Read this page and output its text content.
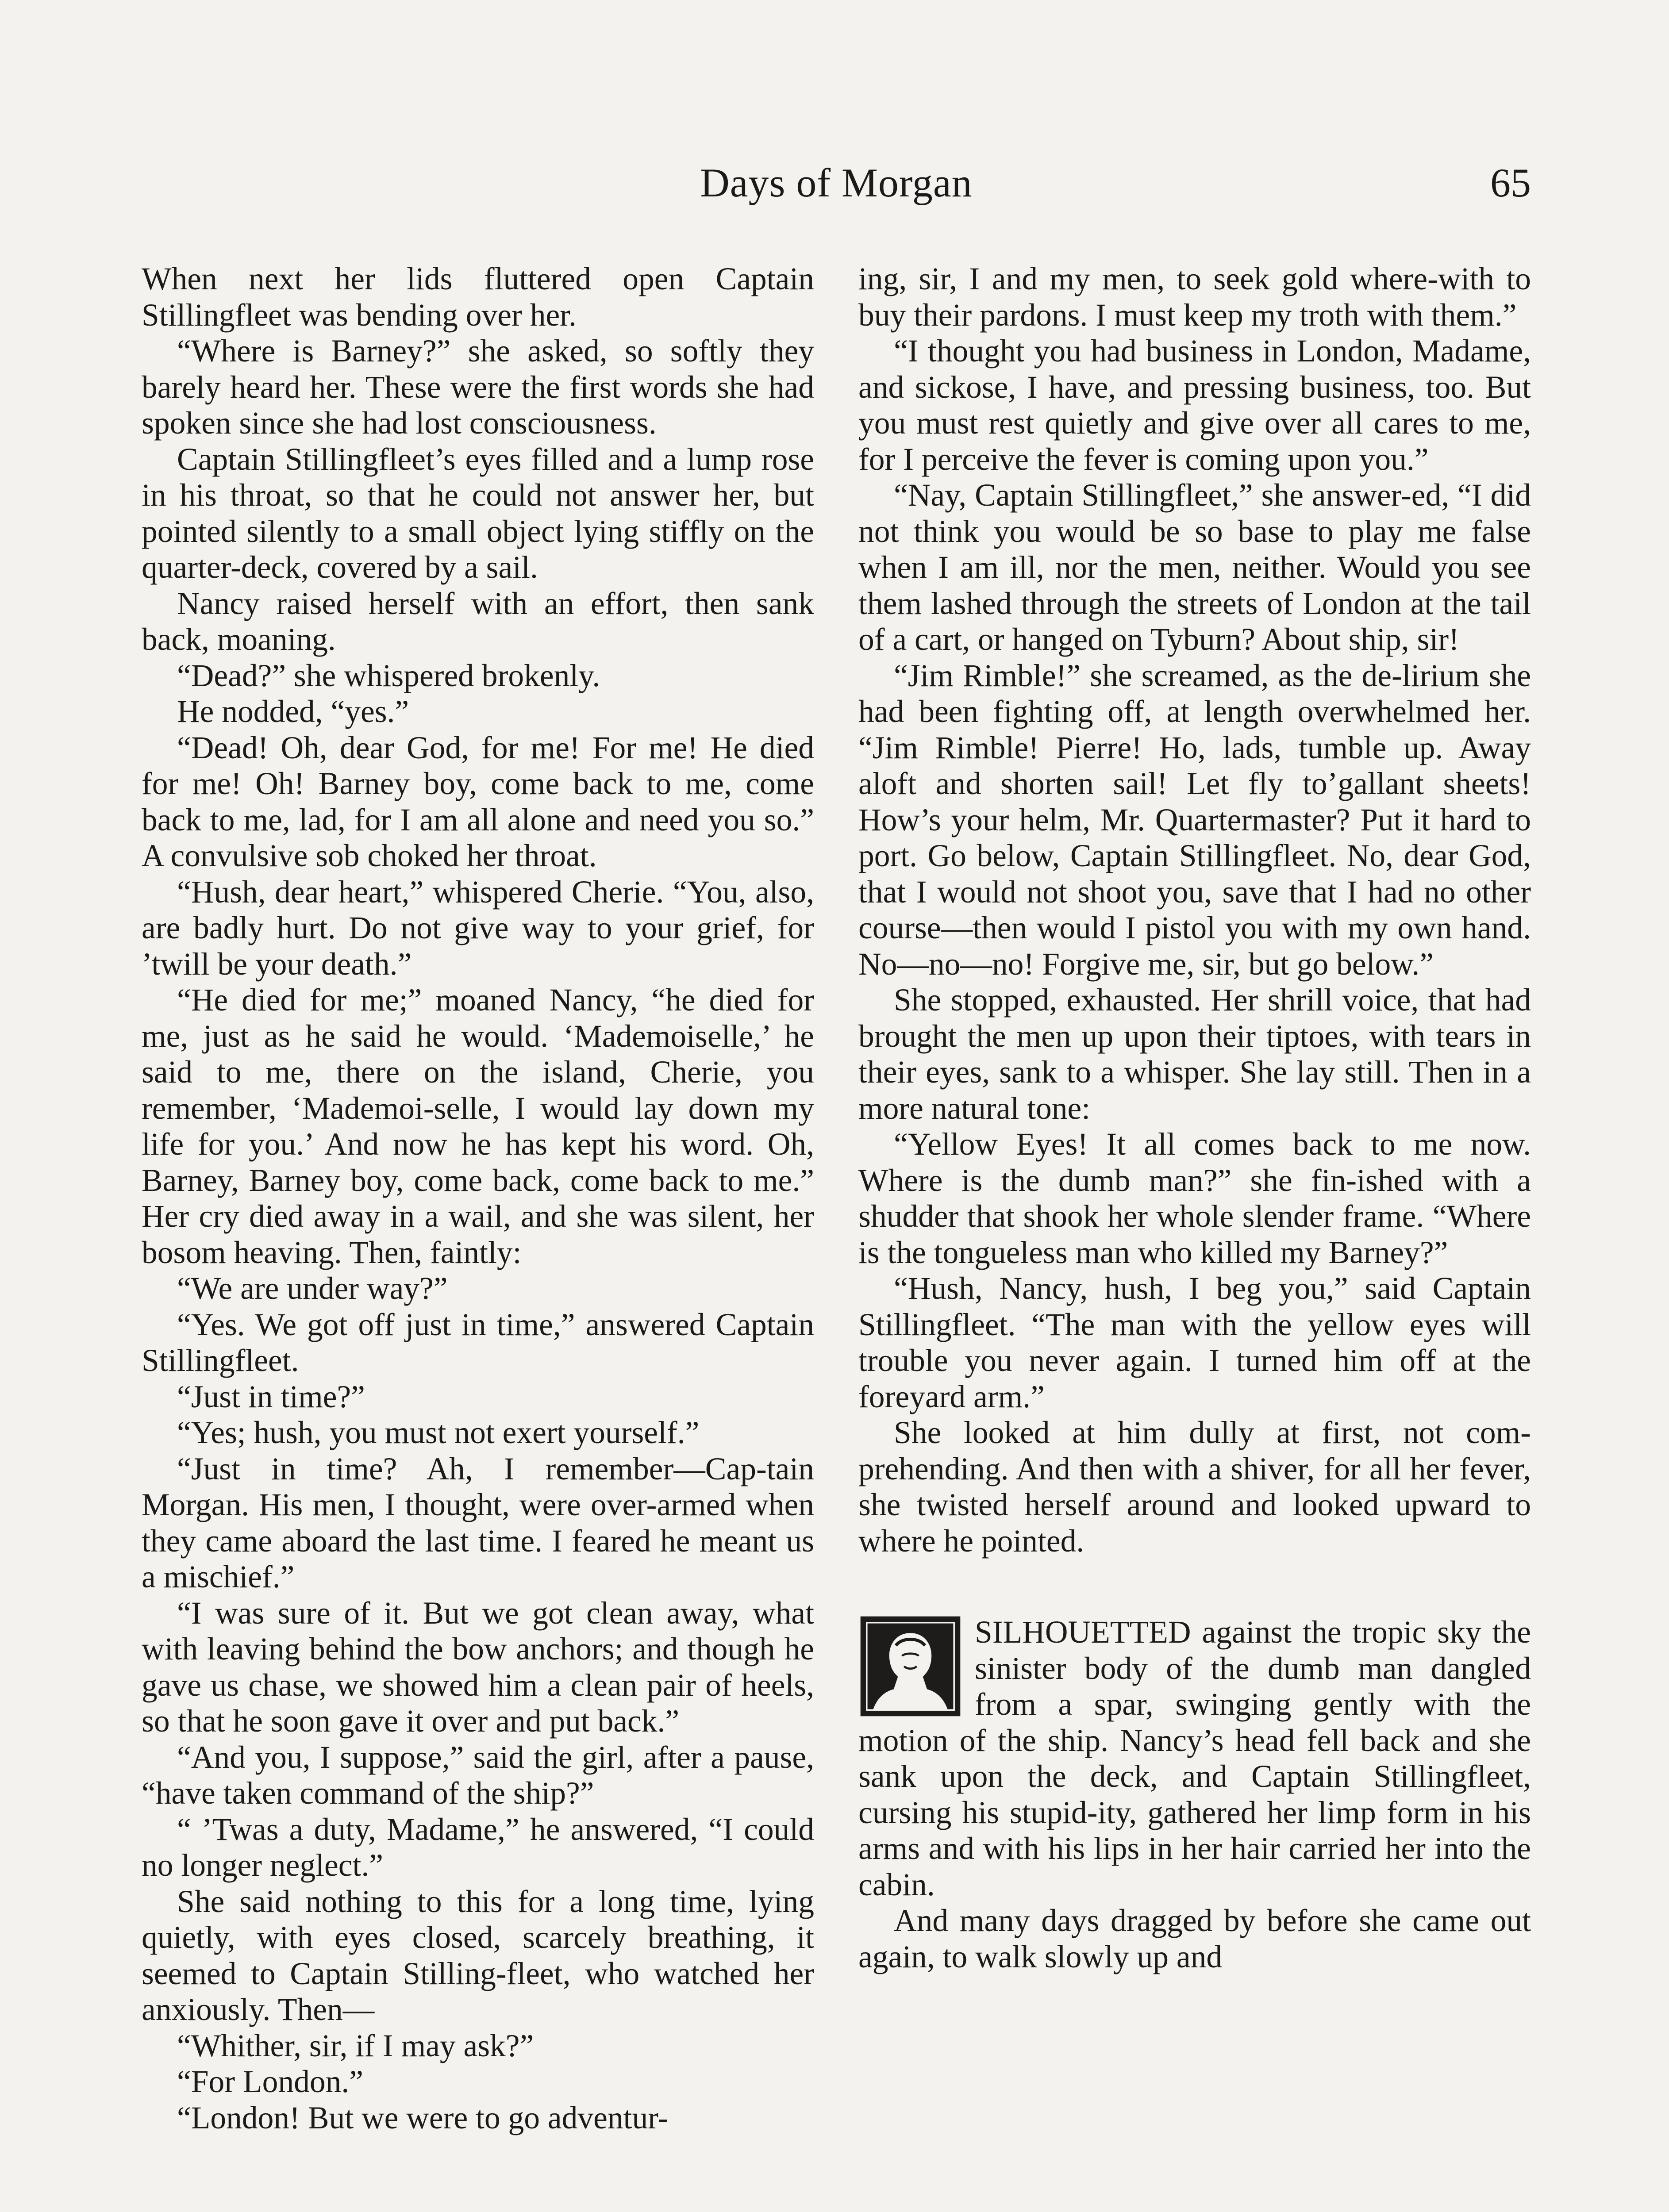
Days of Morgan	65

When next her lids fluttered open Captain Stillingfleet was bending over her.

“Where is Barney?” she asked, so softly they barely heard her. These were the first words she had spoken since she had lost consciousness.

Captain Stillingfleet’s eyes filled and a lump rose in his throat, so that he could not answer her, but pointed silently to a small object lying stiffly on the quarter-deck, covered by a sail.

Nancy raised herself with an effort, then sank back, moaning.

“Dead?” she whispered brokenly.

He nodded, “yes.”

“Dead! Oh, dear God, for me! For me! He died for me! Oh! Barney boy, come back to me, come back to me, lad, for I am all alone and need you so.” A convulsive sob choked her throat.

“Hush, dear heart,” whispered Cherie. “You, also, are badly hurt. Do not give way to your grief, for ’twill be your death.”

“He died for me;” moaned Nancy, “he died for me, just as he said he would. ‘Mademoiselle,’ he said to me, there on the island, Cherie, you remember, ‘Mademoi-selle, I would lay down my life for you.’ And now he has kept his word. Oh, Barney, Barney boy, come back, come back to me.” Her cry died away in a wail, and she was silent, her bosom heaving. Then, faintly:

“We are under way?”

“Yes. We got off just in time,” answered Captain Stillingfleet.

“Just in time?”

“Yes; hush, you must not exert yourself.”

“Just in time? Ah, I remember—Cap-tain Morgan. His men, I thought, were over-armed when they came aboard the last time. I feared he meant us a mischief.”

“I was sure of it. But we got clean away, what with leaving behind the bow anchors; and though he gave us chase, we showed him a clean pair of heels, so that he soon gave it over and put back.”

“And you, I suppose,” said the girl, after a pause, “have taken command of the ship?”

“ ’Twas a duty, Madame,” he answered, “I could no longer neglect.”

She said nothing to this for a long time, lying quietly, with eyes closed, scarcely breathing, it seemed to Captain Stilling-fleet, who watched her anxiously. Then—

“Whither, sir, if I may ask?”

“For London.”

“London! But we were to go adventur-

ing, sir, I and my men, to seek gold where-with to buy their pardons. I must keep my troth with them.”

“I thought you had business in London, Madame, and sickose, I have, and pressing business, too. But you must rest quietly and give over all cares to me, for I perceive the fever is coming upon you.”

“Nay, Captain Stillingfleet,” she answer-ed, “I did not think you would be so base to play me false when I am ill, nor the men, neither. Would you see them lashed through the streets of London at the tail of a cart, or hanged on Tyburn? About ship, sir!

“Jim Rimble!” she screamed, as the de-lirium she had been fighting off, at length overwhelmed her. “Jim Rimble! Pierre! Ho, lads, tumble up. Away aloft and shorten sail! Let fly to’gallant sheets! How’s your helm, Mr. Quartermaster? Put it hard to port. Go below, Captain Stillingfleet. No, dear God, that I would not shoot you, save that I had no other course—then would I pistol you with my own hand. No—no—no! Forgive me, sir, but go below.”

She stopped, exhausted. Her shrill voice, that had brought the men up upon their tiptoes, with tears in their eyes, sank to a whisper. She lay still. Then in a more natural tone:

“Yellow Eyes! It all comes back to me now. Where is the dumb man?” she fin-ished with a shudder that shook her whole slender frame. “Where is the tongueless man who killed my Barney?”

“Hush, Nancy, hush, I beg you,” said Captain Stillingfleet. “The man with the yellow eyes will trouble you never again. I turned him off at the foreyard arm.”

She looked at him dully at first, not com-prehending. And then with a shiver, for all her fever, she twisted herself around and looked upward to where he pointed.

SILHOUETTED against the tropic sky the sinister body of the dumb man dangled from a spar, swinging gently with the motion of the ship. Nancy’s head fell back and she sank upon the deck, and Captain Stillingfleet, cursing his stupid-ity, gathered her limp form in his arms and with his lips in her hair carried her into the cabin.

And many days dragged by before she came out again, to walk slowly up and
